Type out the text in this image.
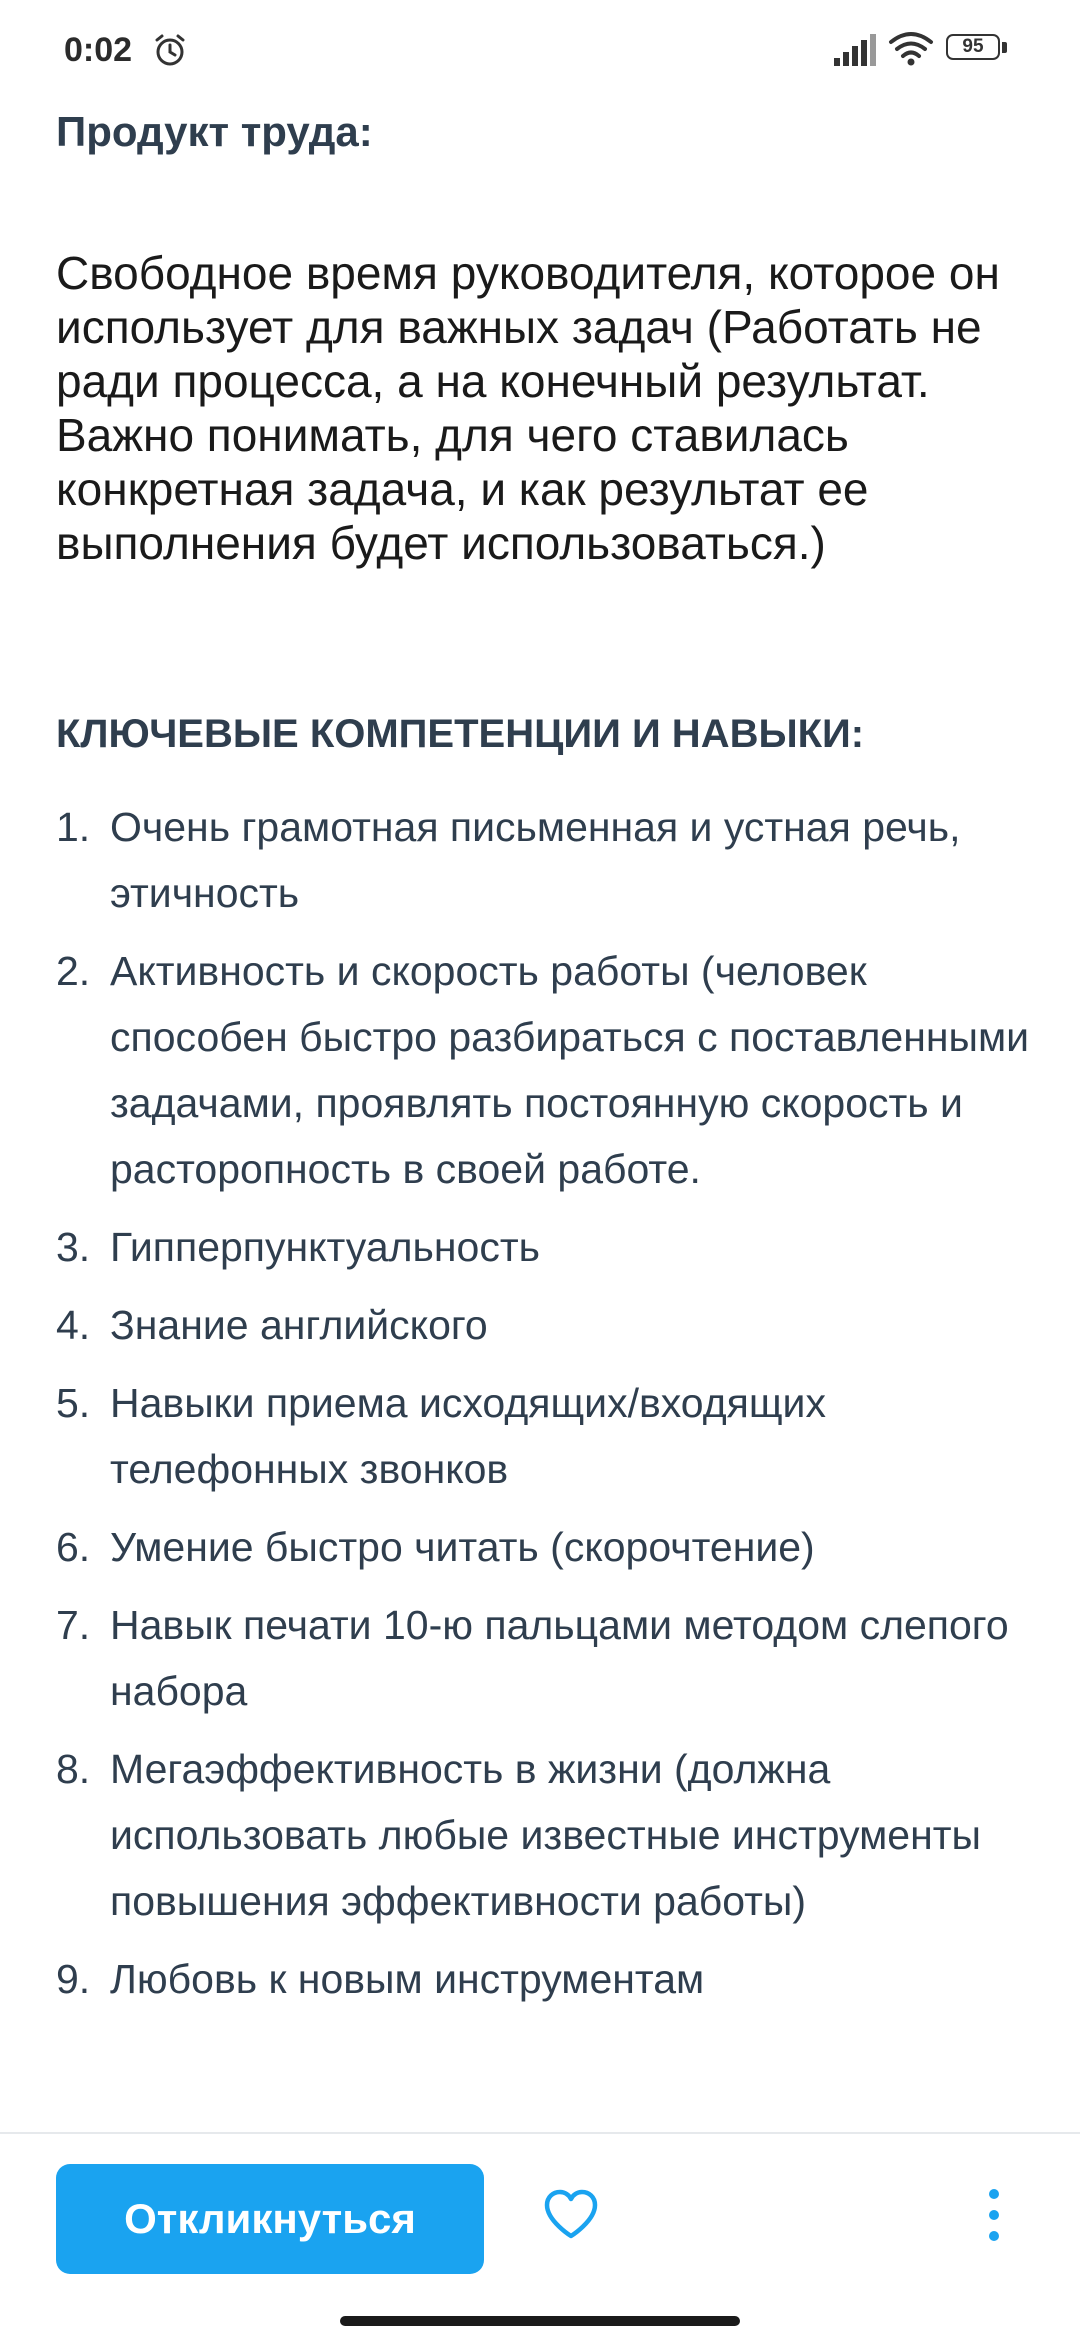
0:02	95
Продукт труда:

Свободное время руководителя, которое он использует для важных задач (Работать не ради процесса, а на конечный результат. Важно понимать, для чего ставилась конкретная задача, и как результат ее выполнения будет использоваться.)

КЛЮЧЕВЫЕ КОМПЕТЕНЦИИ И НАВЫКИ:
1. Очень грамотная письменная и устная речь, этичность
2. Активность и скорость работы (человек способен быстро разбираться с поставленными задачами, проявлять постоянную скорость и расторопность в своей работе.
3. Гипперпунктуальность
4. Знание английского
5. Навыки приема исходящих/входящих телефонных звонков
6. Умение быстро читать (скорочтение)
7. Навык печати 10-ю пальцами методом слепого набора
8. Мегаэффективность в жизни (должна использовать любые известные инструменты повышения эффективности работы)
9. Любовь к новым инструментам
Откликнуться
